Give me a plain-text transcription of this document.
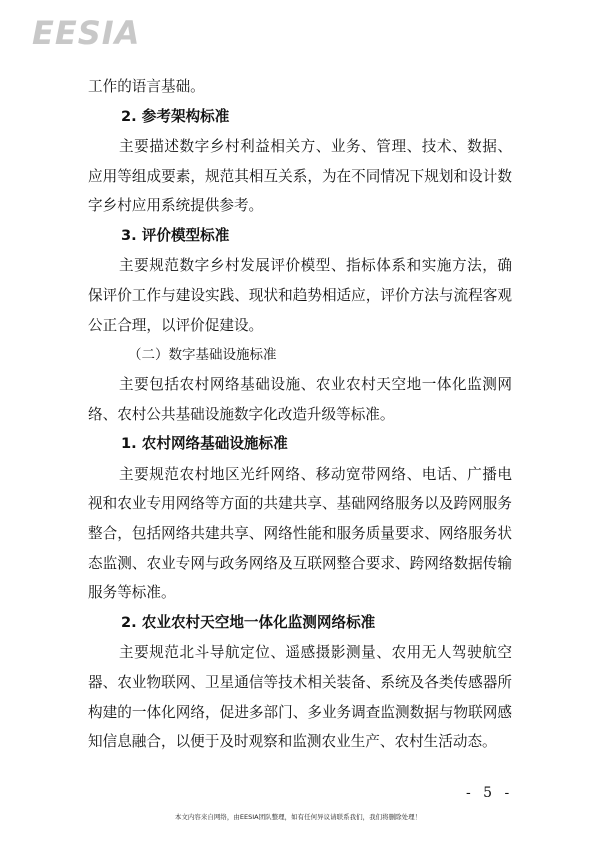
EESIA

工作的语言基础。

2. 参考架构标准

主要描述数字乡村利益相关方、业务、管理、技术、数据、应用等组成要素，规范其相互关系，为在不同情况下规划和设计数字乡村应用系统提供参考。

3. 评价模型标准

主要规范数字乡村发展评价模型、指标体系和实施方法，确保评价工作与建设实践、现状和趋势相适应，评价方法与流程客观公正合理，以评价促建设。

（二）数字基础设施标准

主要包括农村网络基础设施、农业农村天空地一体化监测网络、农村公共基础设施数字化改造升级等标准。

1. 农村网络基础设施标准

主要规范农村地区光纤网络、移动宽带网络、电话、广播电视和农业专用网络等方面的共建共享、基础网络服务以及跨网服务整合，包括网络共建共享、网络性能和服务质量要求、网络服务状态监测、农业专网与政务网络及互联网整合要求、跨网络数据传输服务等标准。

2. 农业农村天空地一体化监测网络标准

主要规范北斗导航定位、遥感摄影测量、农用无人驾驶航空器、农业物联网、卫星通信等技术相关装备、系统及各类传感器所构建的一体化网络，促进多部门、多业务调查监测数据与物联网感知信息融合，以便于及时观察和监测农业生产、农村生活动态。

- 5 -
本文内容来自网络，由EESIA团队整理，如有任何异议请联系我们，我们将删除处理！
